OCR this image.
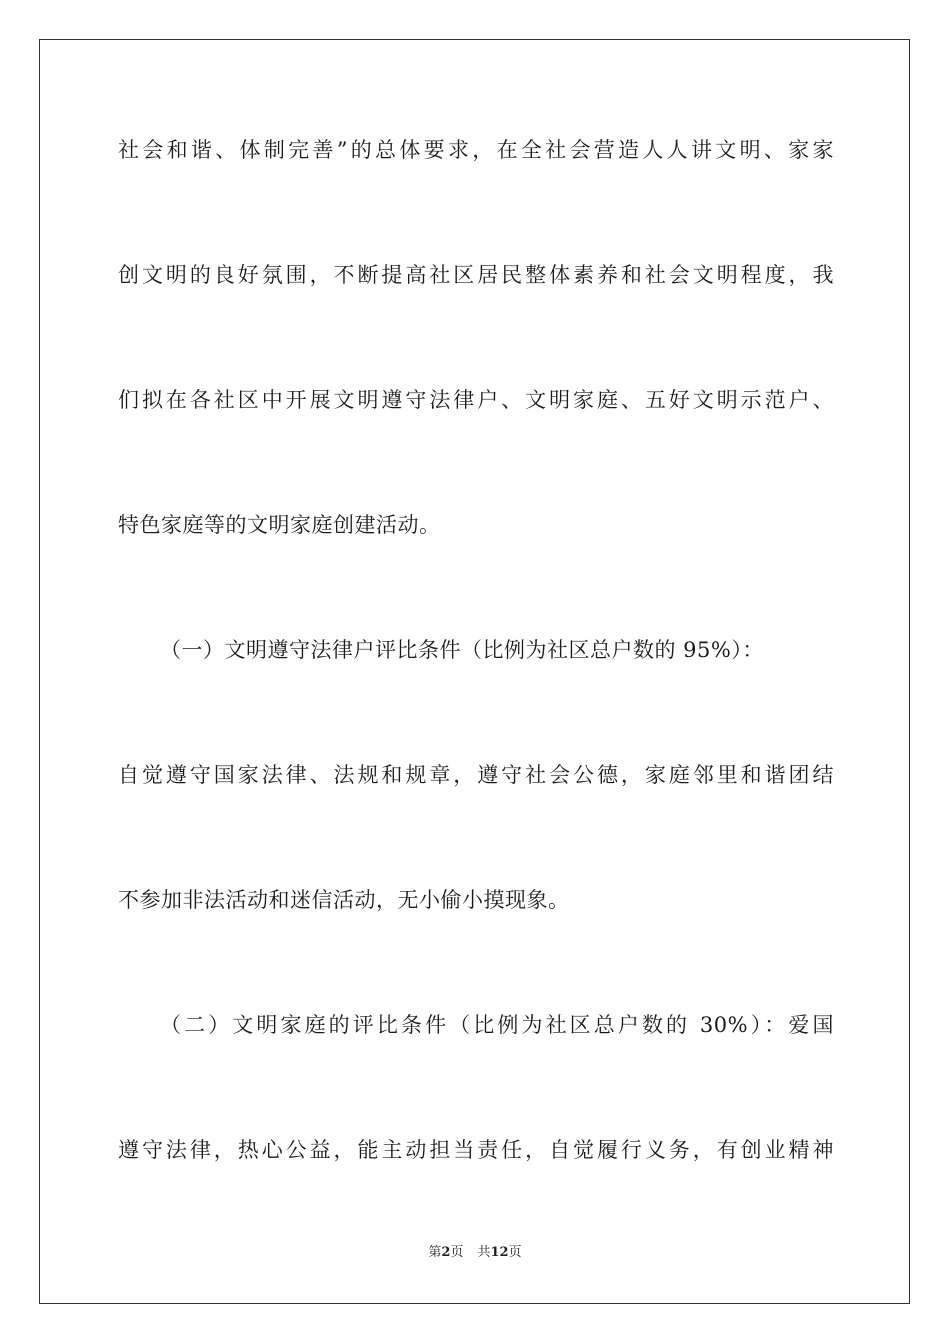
社会和谐、体制完善”的总体要求，在全社会营造人人讲文明、家家

创文明的良好氛围，不断提高社区居民整体素养和社会文明程度，我

们拟在各社区中开展文明遵守法律户、文明家庭、五好文明示范户、

特色家庭等的文明家庭创建活动。

（一）文明遵守法律户评比条件（比例为社区总户数的 95%）：

自觉遵守国家法律、法规和规章，遵守社会公德，家庭邻里和谐团结

不参加非法活动和迷信活动，无小偷小摸现象。

（二）文明家庭的评比条件（比例为社区总户数的 30%）：爱国

遵守法律，热心公益，能主动担当责任，自觉履行义务，有创业精神

第2页 共12页
